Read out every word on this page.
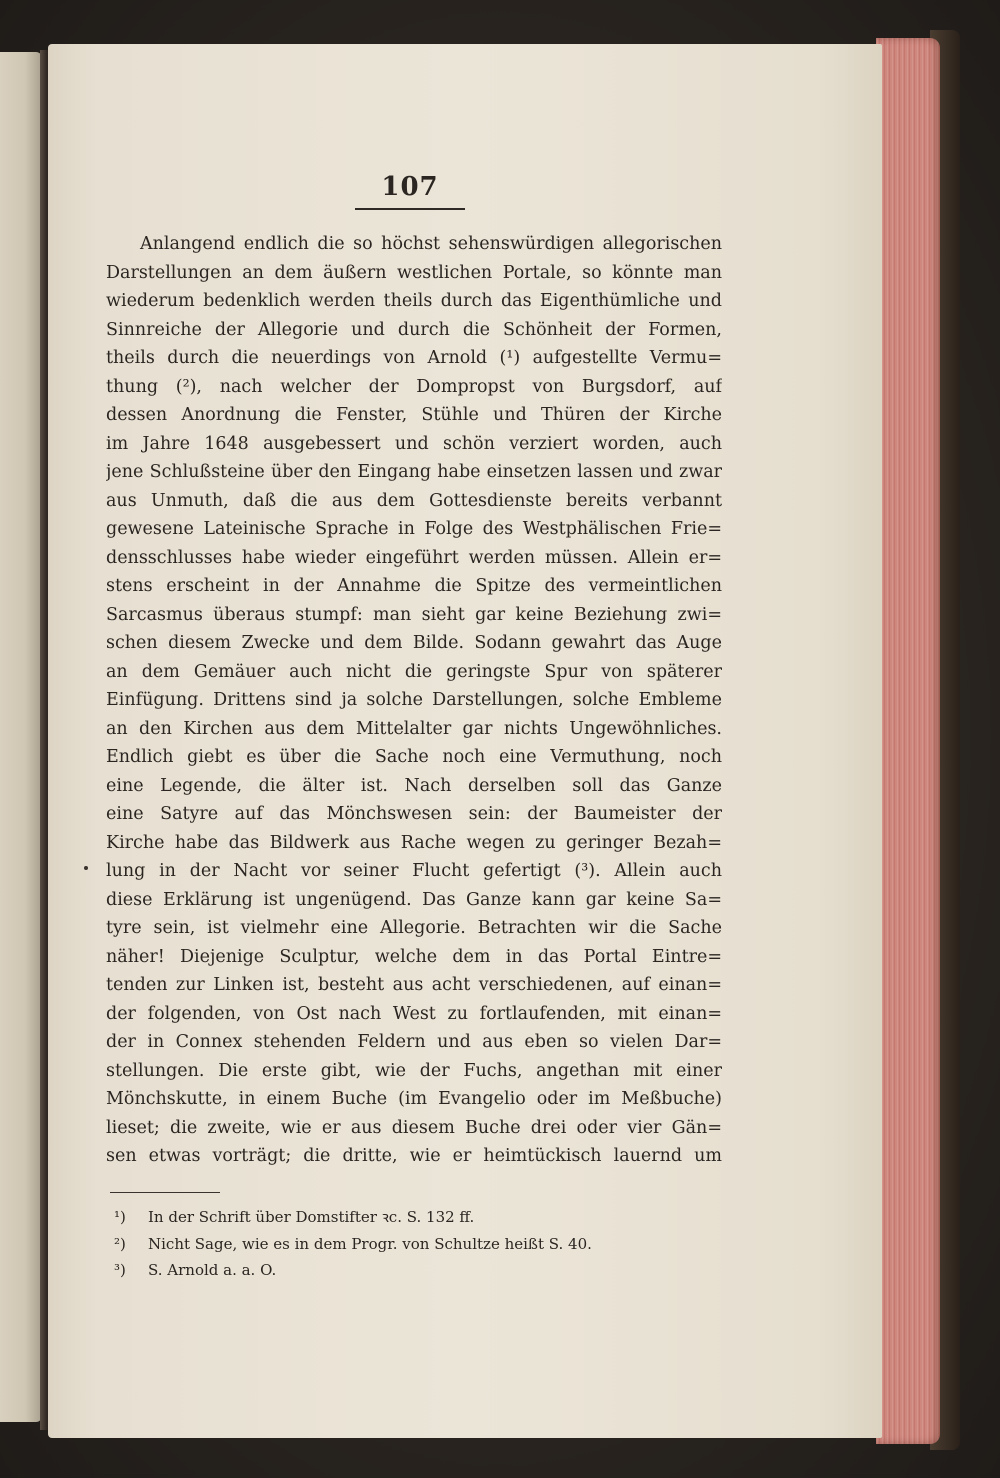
107
Anlangend endlich die so höchst sehenswürdigen allegorischen
Darstellungen an dem äußern westlichen Portale, so könnte man
wiederum bedenklich werden theils durch das Eigenthümliche und
Sinnreiche der Allegorie und durch die Schönheit der Formen,
theils durch die neuerdings von Arnold (¹) aufgestellte Vermu=
thung (²), nach welcher der Dompropst von Burgsdorf, auf
dessen Anordnung die Fenster, Stühle und Thüren der Kirche
im Jahre 1648 ausgebessert und schön verziert worden, auch
jene Schlußsteine über den Eingang habe einsetzen lassen und zwar
aus Unmuth, daß die aus dem Gottesdienste bereits verbannt
gewesene Lateinische Sprache in Folge des Westphälischen Frie=
densschlusses habe wieder eingeführt werden müssen. Allein er=
stens erscheint in der Annahme die Spitze des vermeintlichen
Sarcasmus überaus stumpf: man sieht gar keine Beziehung zwi=
schen diesem Zwecke und dem Bilde. Sodann gewahrt das Auge
an dem Gemäuer auch nicht die geringste Spur von späterer
Einfügung. Drittens sind ja solche Darstellungen, solche Embleme
an den Kirchen aus dem Mittelalter gar nichts Ungewöhnliches.
Endlich giebt es über die Sache noch eine Vermuthung, noch
eine Legende, die älter ist. Nach derselben soll das Ganze
eine Satyre auf das Mönchswesen sein: der Baumeister der
Kirche habe das Bildwerk aus Rache wegen zu geringer Bezah=
lung in der Nacht vor seiner Flucht gefertigt (³). Allein auch
diese Erklärung ist ungenügend. Das Ganze kann gar keine Sa=
tyre sein, ist vielmehr eine Allegorie. Betrachten wir die Sache
näher! Diejenige Sculptur, welche dem in das Portal Eintre=
tenden zur Linken ist, besteht aus acht verschiedenen, auf einan=
der folgenden, von Ost nach West zu fortlaufenden, mit einan=
der in Connex stehenden Feldern und aus eben so vielen Dar=
stellungen. Die erste gibt, wie der Fuchs, angethan mit einer
Mönchskutte, in einem Buche (im Evangelio oder im Meßbuche)
lieset; die zweite, wie er aus diesem Buche drei oder vier Gän=
sen etwas vorträgt; die dritte, wie er heimtückisch lauernd um
¹) In der Schrift über Domstifter ꝛc. S. 132 ff.
²) Nicht Sage, wie es in dem Progr. von Schultze heißt S. 40.
³) S. Arnold a. a. O.
